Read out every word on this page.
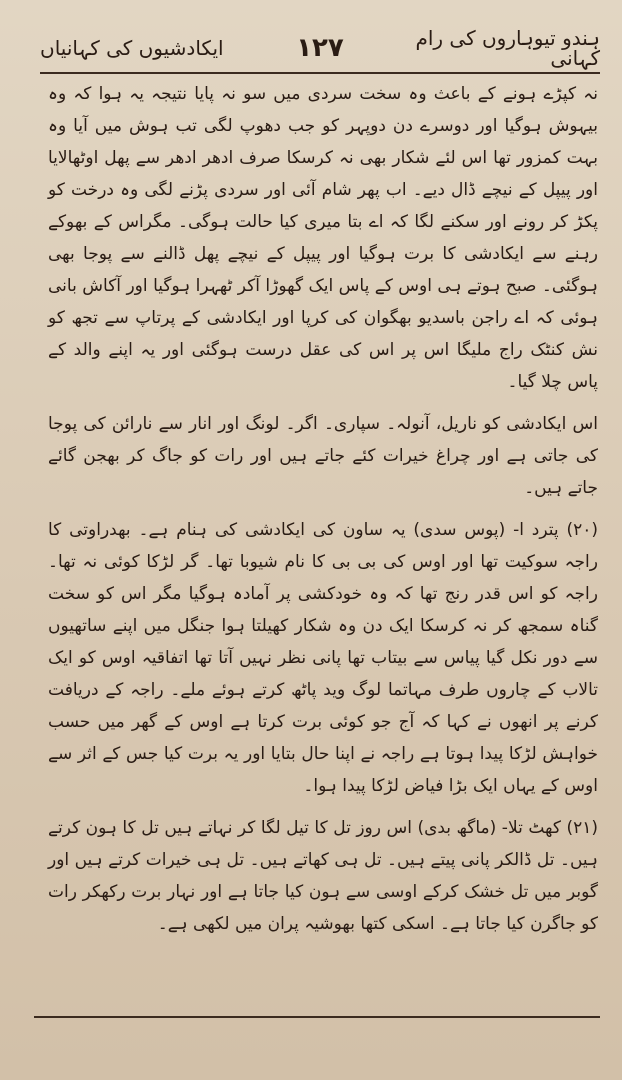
ہندو تیوہاروں کی رام کہانی
۱۲۷
ایکادشیوں کی کہانیاں

نہ کپڑے ہونے کے باعث وہ سخت سردی میں سو نہ پایا نتیجہ یہ ہوا کہ وہ بیہوش ہوگیا اور دوسرے دن دوپہر کو جب دھوپ لگی تب ہوش میں آیا وہ بہت کمزور تھا اس لئے شکار بھی نہ کرسکا صرف ادھر ادھر سے پھل اوٹھالایا اور پیپل کے نیچے ڈال دیے۔ اب پھر شام آئی اور سردی پڑنے لگی وہ درخت کو پکڑ کر رونے اور سکنے لگا کہ اے بتا میری کیا حالت ہوگی۔ مگراس کے بھوکے رہنے سے ایکادشی کا برت ہوگیا اور پیپل کے نیچے پھل ڈالنے سے پوجا بھی ہوگئی۔ صبح ہوتے ہی اوس کے پاس ایک گھوڑا آکر ٹھہرا ہوگیا اور آکاش بانی ہوئی کہ اے راجن باسدیو بھگوان کی کرپا اور ایکادشی کے پرتاپ سے تجھ کو نش کنٹک راج ملیگا اس پر اس کی عقل درست ہوگئی اور یہ اپنے والد کے پاس چلا گیا۔

اس ایکادشی کو ناریل، آنولہ۔ سپاری۔ اگر۔ لونگ اور انار سے نارائن کی پوجا کی جاتی ہے اور چراغ خیرات کئے جاتے ہیں اور رات کو جاگ کر بھجن گائے جاتے ہیں۔

(۲۰) پترد ا- (پوس سدی) یہ ساون کی ایکادشی کی ہنام ہے۔ بھدراوتی کا راجہ سوکیت تھا اور اوس کی بی بی کا نام شیوبا تھا۔ گر لڑکا کوئی نہ تھا۔ راجہ کو اس قدر رنج تھا کہ وہ خودکشی پر آمادہ ہوگیا مگر اس کو سخت گناہ سمجھ کر نہ کرسکا ایک دن وہ شکار کھیلتا ہوا جنگل میں اپنے ساتھیوں سے دور نکل گیا پیاس سے بیتاب تھا پانی نظر نہیں آتا تھا اتفاقیہ اوس کو ایک تالاب کے چاروں طرف مہاتما لوگ وید پاٹھ کرتے ہوئے ملے۔ راجہ کے دریافت کرنے پر انھوں نے کہا کہ آج جو کوئی برت کرتا ہے اوس کے گھر میں حسب خواہش لڑکا پیدا ہوتا ہے راجہ نے اپنا حال بتایا اور یہ برت کیا جس کے اثر سے اوس کے یہاں ایک بڑا فیاض لڑکا پیدا ہوا۔

(۲۱) کھٹ تلا- (ماگھ بدی) اس روز تل کا تیل لگا کر نہاتے ہیں تل کا ہون کرتے ہیں۔ تل ڈالکر پانی پیتے ہیں۔ تل ہی کھاتے ہیں۔ تل ہی خیرات کرتے ہیں اور گوبر میں تل خشک کرکے اوسی سے ہون کیا جاتا ہے اور نہار برت رکھکر رات کو جاگرن کیا جاتا ہے۔ اسکی کتھا بھوشیہ پران میں لکھی ہے۔
